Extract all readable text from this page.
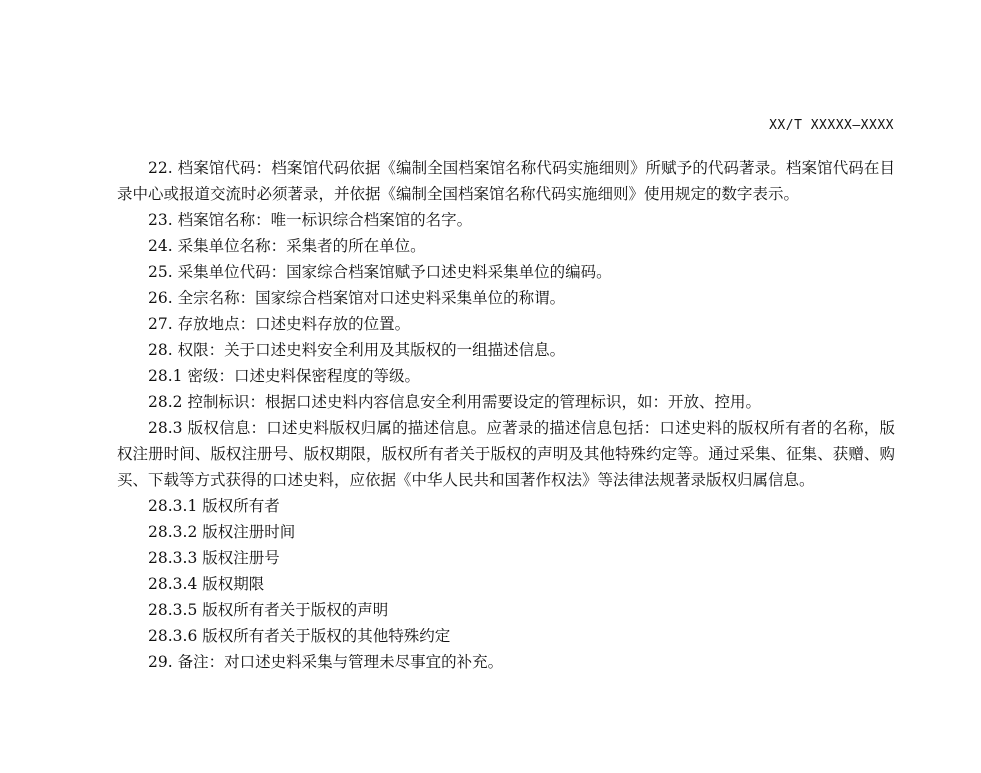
XX/T XXXXX—XXXX

22. 档案馆代码：档案馆代码依据《编制全国档案馆名称代码实施细则》所赋予的代码著录。档案馆代码在目录中心或报道交流时必须著录，并依据《编制全国档案馆名称代码实施细则》使用规定的数字表示。

23. 档案馆名称：唯一标识综合档案馆的名字。

24. 采集单位名称：采集者的所在单位。

25. 采集单位代码：国家综合档案馆赋予口述史料采集单位的编码。

26. 全宗名称：国家综合档案馆对口述史料采集单位的称谓。

27. 存放地点：口述史料存放的位置。

28. 权限：关于口述史料安全利用及其版权的一组描述信息。

28.1 密级：口述史料保密程度的等级。

28.2 控制标识：根据口述史料内容信息安全利用需要设定的管理标识，如：开放、控用。

28.3 版权信息：口述史料版权归属的描述信息。应著录的描述信息包括：口述史料的版权所有者的名称，版权注册时间、版权注册号、版权期限，版权所有者关于版权的声明及其他特殊约定等。通过采集、征集、获赠、购买、下载等方式获得的口述史料，应依据《中华人民共和国著作权法》等法律法规著录版权归属信息。

28.3.1 版权所有者

28.3.2 版权注册时间

28.3.3 版权注册号

28.3.4 版权期限

28.3.5 版权所有者关于版权的声明

28.3.6 版权所有者关于版权的其他特殊约定

29. 备注：对口述史料采集与管理未尽事宜的补充。
